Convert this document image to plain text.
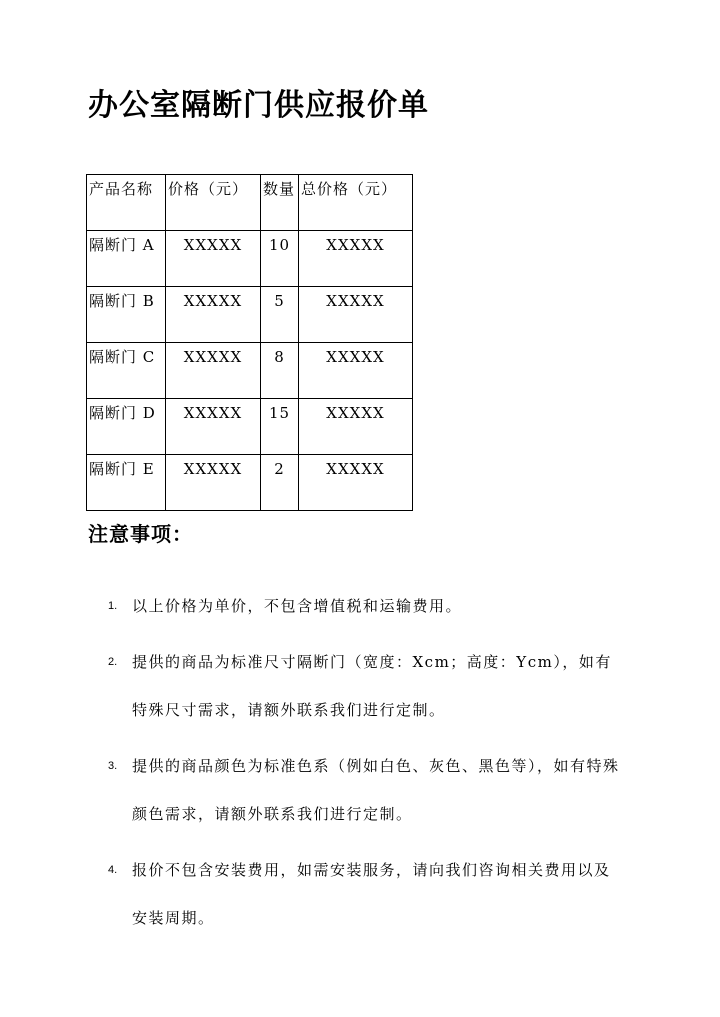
办公室隔断门供应报价单
产品名称	价格（元）	数量	总价格（元）
隔断门 A	XXXXX	10	XXXXX
隔断门 B	XXXXX	5	XXXXX
隔断门 C	XXXXX	8	XXXXX
隔断门 D	XXXXX	15	XXXXX
隔断门 E	XXXXX	2	XXXXX
注意事项：
1. 以上价格为单价，不包含增值税和运输费用。
2. 提供的商品为标准尺寸隔断门（宽度：Xcm；高度：Ycm），如有特殊尺寸需求，请额外联系我们进行定制。
3. 提供的商品颜色为标准色系（例如白色、灰色、黑色等），如有特殊颜色需求，请额外联系我们进行定制。
4. 报价不包含安装费用，如需安装服务，请向我们咨询相关费用以及安装周期。
